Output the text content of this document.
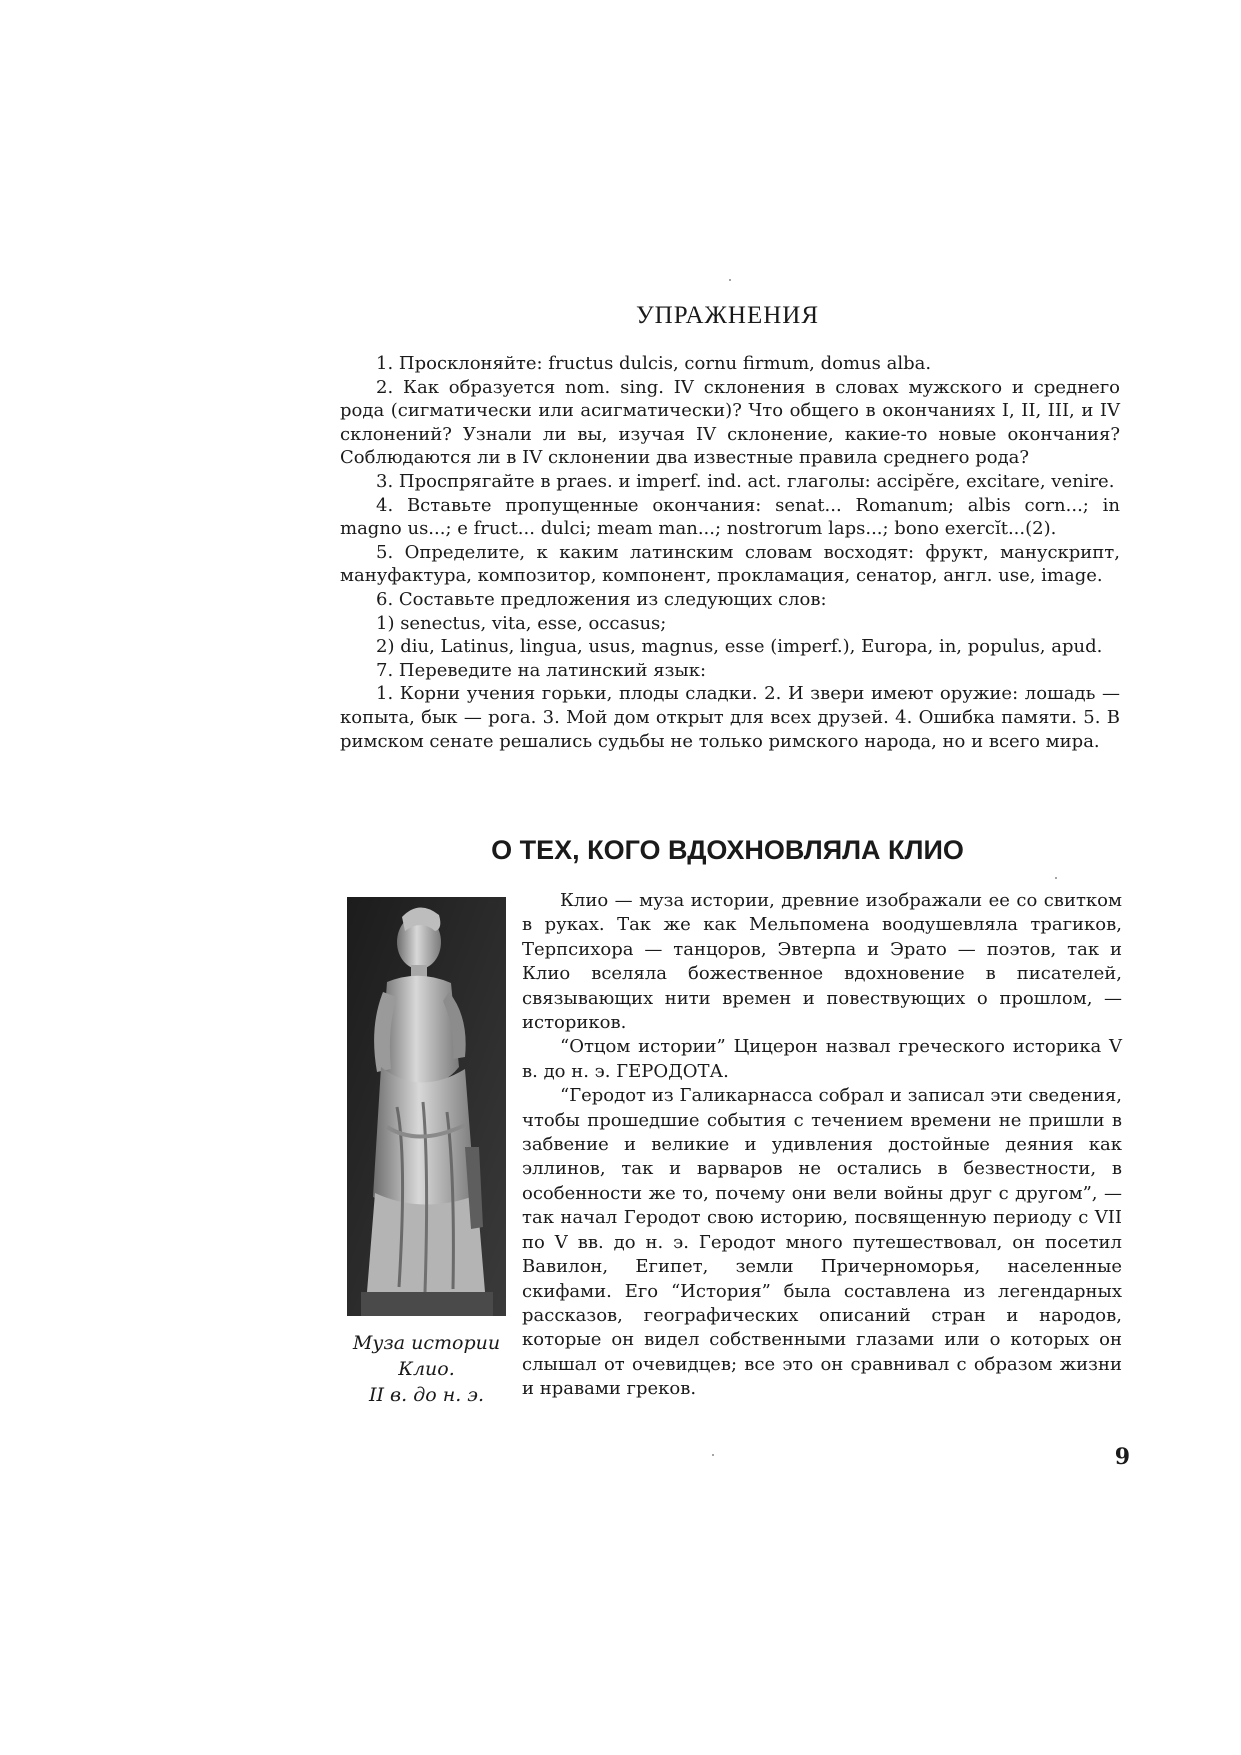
УПРАЖНЕНИЯ

1. Просклоняйте: fructus dulcis, cornu firmum, domus alba.

2. Как образуется nom. sing. IV склонения в словах мужского и среднего рода (сигматически или асигматически)? Что общего в окончаниях I, II, III, и IV склонений? Узнали ли вы, изучая IV склонение, какие-то новые окончания? Соблюдаются ли в IV склонении два известные правила среднего рода?

3. Проспрягайте в praes. и imperf. ind. act. глаголы: accipĕre, excitare, venire.

4. Вставьте пропущенные окончания: senat... Romanum; albis corn...; in magno us...; e fruct... dulci; meam man...; nostrorum laps...; bono exercĭt...(2).

5. Определите, к каким латинским словам восходят: фрукт, манускрипт, мануфактура, композитор, компонент, прокламация, сенатор, англ. use, image.

6. Составьте предложения из следующих слов:

1) senectus, vita, esse, occasus;

2) diu, Latinus, lingua, usus, magnus, esse (imperf.), Europa, in, populus, apud.

7. Переведите на латинский язык:

1. Корни учения горьки, плоды сладки. 2. И звери имеют оружие: лошадь — копыта, бык — рога. 3. Мой дом открыт для всех друзей. 4. Ошибка памяти. 5. В римском сенате решались судьбы не только римского народа, но и всего мира.

О ТЕХ, КОГО ВДОХНОВЛЯЛА КЛИО
Муза истории
Клио.
II в. до н. э.

Клио — муза истории, древние изображали ее со свитком в руках. Так же как Мельпомена воодушевляла трагиков, Терпсихора — танцоров, Эвтерпа и Эрато — поэтов, так и Клио вселяла божественное вдохновение в писателей, связывающих нити времен и повествующих о прошлом, — историков.

“Отцом истории” Цицерон назвал греческого историка V в. до н. э. ГЕРОДОТА.

“Геродот из Галикарнасса собрал и записал эти сведения, чтобы прошедшие события с течением времени не пришли в забвение и великие и удивления достойные деяния как эллинов, так и варваров не остались в безвестности, в особенности же то, почему они вели войны друг с другом”, — так начал Геродот свою историю, посвященную периоду с VII по V вв. до н. э. Геродот много путешествовал, он посетил Вавилон, Египет, земли Причерноморья, населенные скифами. Его “История” была составлена из легендарных рассказов, географических описаний стран и народов, которые он видел собственными глазами или о которых он слышал от очевидцев; все это он сравнивал с образом жизни и нравами греков.

9
